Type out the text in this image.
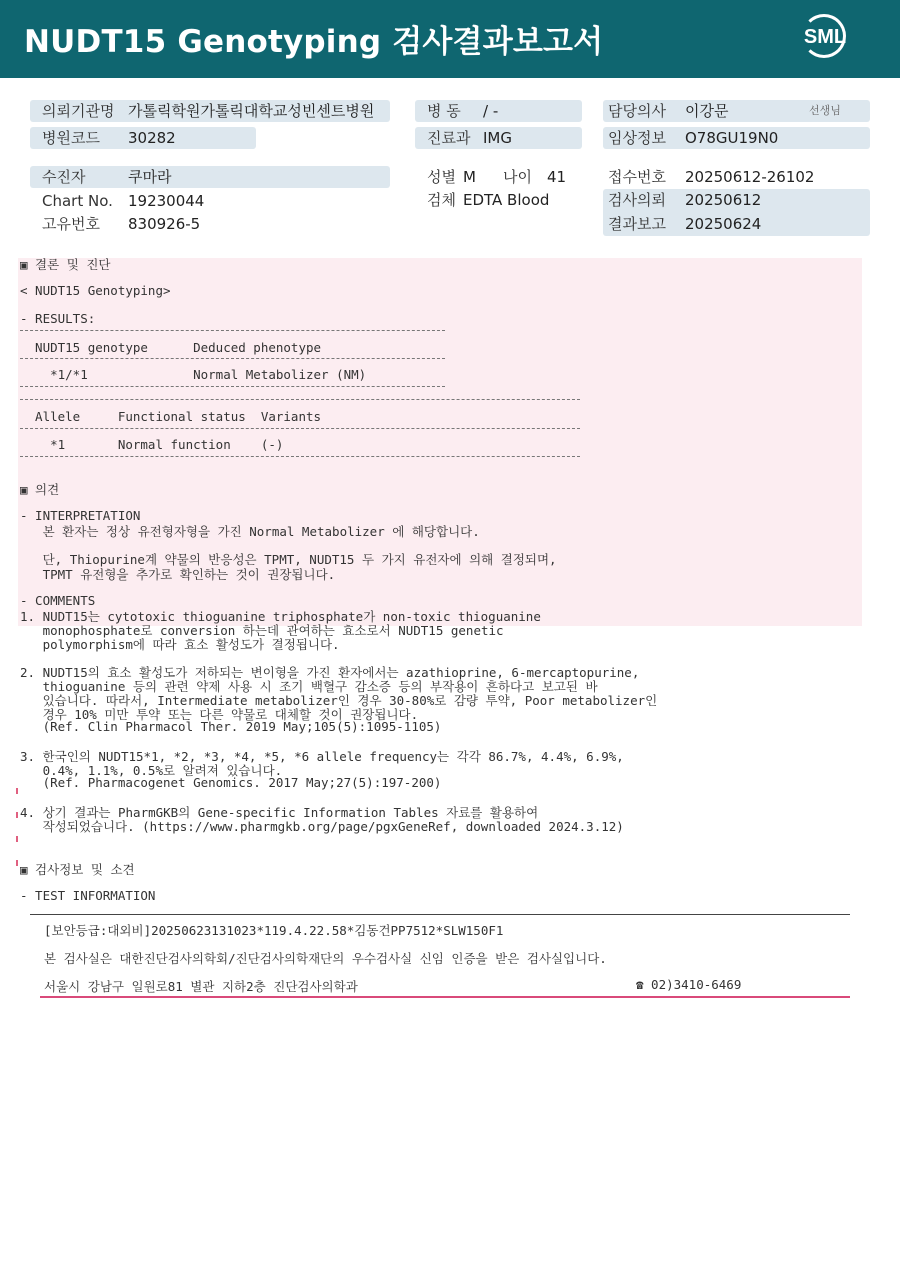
NUDT15 Genotyping 검사결과보고서	SML
의뢰기관명 가톨릭학원가톨릭대학교성빈센트병원
병원코드 30282
병 동 / -
진료과 IMG
담당의사 이강문	선생님
임상정보 O78GU19N0
수진자	쿠마라
Chart No. 19230044
고유번호 830926-5
성별 M 나이 41
검체 EDTA Blood
접수번호 20250612-26102
검사의뢰 20250612
결과보고 20250624
▣ 결론 및 진단
< NUDT15 Genotyping>
- RESULTS:
NUDT15 genotype      Deduced phenotype
*1/*1              Normal Metabolizer (NM)
Allele     Functional status  Variants
*1       Normal function    (-)
▣ 의견
- INTERPRETATION
본 환자는 정상 유전형자형을 가진 Normal Metabolizer 에 해당합니다.
단, Thiopurine계 약물의 반응성은 TPMT, NUDT15 두 가지 유전자에 의해 결정되며,
TPMT 유전형을 추가로 확인하는 것이 권장됩니다.
- COMMENTS
1. NUDT15는 cytotoxic thioguanine triphosphate가 non-toxic thioguanine
monophosphate로 conversion 하는데 관여하는 효소로서 NUDT15 genetic
polymorphism에 따라 효소 활성도가 결정됩니다.
2. NUDT15의 효소 활성도가 저하되는 변이형을 가진 환자에서는 azathioprine, 6-mercaptopurine,
thioguanine 등의 관련 약제 사용 시 조기 백혈구 감소증 등의 부작용이 흔하다고 보고된 바
있습니다. 따라서, Intermediate metabolizer인 경우 30-80%로 감량 투약, Poor metabolizer인
경우 10% 미만 투약 또는 다른 약물로 대체할 것이 권장됩니다.
(Ref. Clin Pharmacol Ther. 2019 May;105(5):1095-1105)
3. 한국인의 NUDT15*1, *2, *3, *4, *5, *6 allele frequency는 각각 86.7%, 4.4%, 6.9%,
0.4%, 1.1%, 0.5%로 알려져 있습니다.
(Ref. Pharmacogenet Genomics. 2017 May;27(5):197-200)
4. 상기 결과는 PharmGKB의 Gene-specific Information Tables 자료를 활용하여
작성되었습니다. (https://www.pharmgkb.org/page/pgxGeneRef, downloaded 2024.3.12)
▣ 검사정보 및 소견
- TEST INFORMATION
[보안등급:대외비]20250623131023*119.4.22.58*김동건PP7512*SLW150F1
본 검사실은 대한진단검사의학회/진단검사의학재단의 우수검사실 신임 인증을 받은 검사실입니다.
서울시 강남구 일원로81 별관 지하2층 진단검사의학과	☎ 02)3410-6469
